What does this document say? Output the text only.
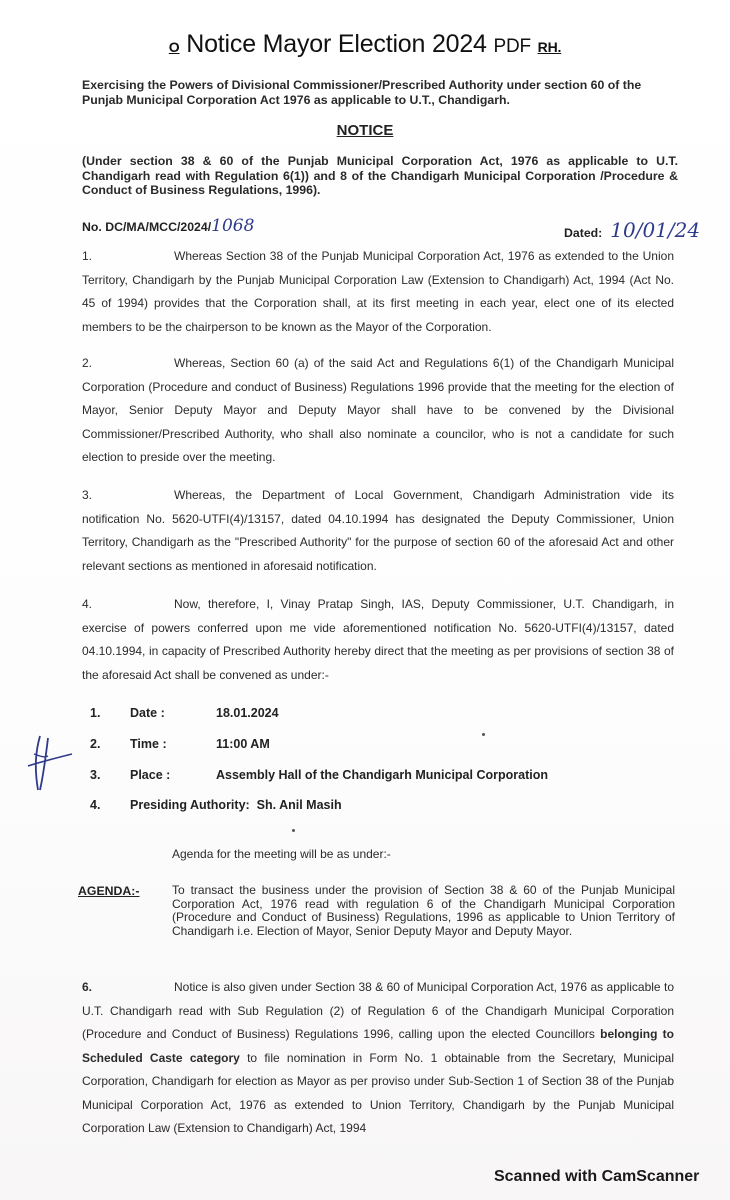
O Notice Mayor Election 2024 PDF RH.
Exercising the Powers of Divisional Commissioner/Prescribed Authority under section 60 of the Punjab Municipal Corporation Act 1976 as applicable to U.T., Chandigarh.
NOTICE
(Under section 38 & 60 of the Punjab Municipal Corporation Act, 1976 as applicable to U.T. Chandigarh read with Regulation 6(1)) and 8 of the Chandigarh Municipal Corporation /Procedure & Conduct of Business Regulations, 1996).
No. DC/MA/MCC/2024/1068	Dated: 10/01/24
1.	Whereas Section 38 of the Punjab Municipal Corporation Act, 1976 as extended to the Union Territory, Chandigarh by the Punjab Municipal Corporation Law (Extension to Chandigarh) Act, 1994 (Act No. 45 of 1994) provides that the Corporation shall, at its first meeting in each year, elect one of its elected members to be the chairperson to be known as the Mayor of the Corporation.
2.	Whereas, Section 60 (a) of the said Act and Regulations 6(1) of the Chandigarh Municipal Corporation (Procedure and conduct of Business) Regulations 1996 provide that the meeting for the election of Mayor, Senior Deputy Mayor and Deputy Mayor shall have to be convened by the Divisional Commissioner/Prescribed Authority, who shall also nominate a councilor, who is not a candidate for such election to preside over the meeting.
3.	Whereas, the Department of Local Government, Chandigarh Administration vide its notification No. 5620-UTFI(4)/13157, dated 04.10.1994 has designated the Deputy Commissioner, Union Territory, Chandigarh as the "Prescribed Authority" for the purpose of section 60 of the aforesaid Act and other relevant sections as mentioned in aforesaid notification.
4.	Now, therefore, I, Vinay Pratap Singh, IAS, Deputy Commissioner, U.T. Chandigarh, in exercise of powers conferred upon me vide aforementioned notification No. 5620-UTFI(4)/13157, dated 04.10.1994, in capacity of Prescribed Authority hereby direct that the meeting as per provisions of section 38 of the aforesaid Act shall be convened as under:-
1. Date :	18.01.2024
2. Time :	11:00 AM
3. Place :	Assembly Hall of the Chandigarh Municipal Corporation
4. Presiding Authority: Sh. Anil Masih
Agenda for the meeting will be as under:-
AGENDA:-	To transact the business under the provision of Section 38 & 60 of the Punjab Municipal Corporation Act, 1976 read with regulation 6 of the Chandigarh Municipal Corporation (Procedure and Conduct of Business) Regulations, 1996 as applicable to Union Territory of Chandigarh i.e. Election of Mayor, Senior Deputy Mayor and Deputy Mayor.
6.	Notice is also given under Section 38 & 60 of Municipal Corporation Act, 1976 as applicable to U.T. Chandigarh read with Sub Regulation (2) of Regulation 6 of the Chandigarh Municipal Corporation (Procedure and Conduct of Business) Regulations 1996, calling upon the elected Councillors belonging to Scheduled Caste category to file nomination in Form No. 1 obtainable from the Secretary, Municipal Corporation, Chandigarh for election as Mayor as per proviso under Sub-Section 1 of Section 38 of the Punjab Municipal Corporation Act, 1976 as extended to Union Territory, Chandigarh by the Punjab Municipal Corporation Law (Extension to Chandigarh) Act, 1994
Scanned with CamScanner
